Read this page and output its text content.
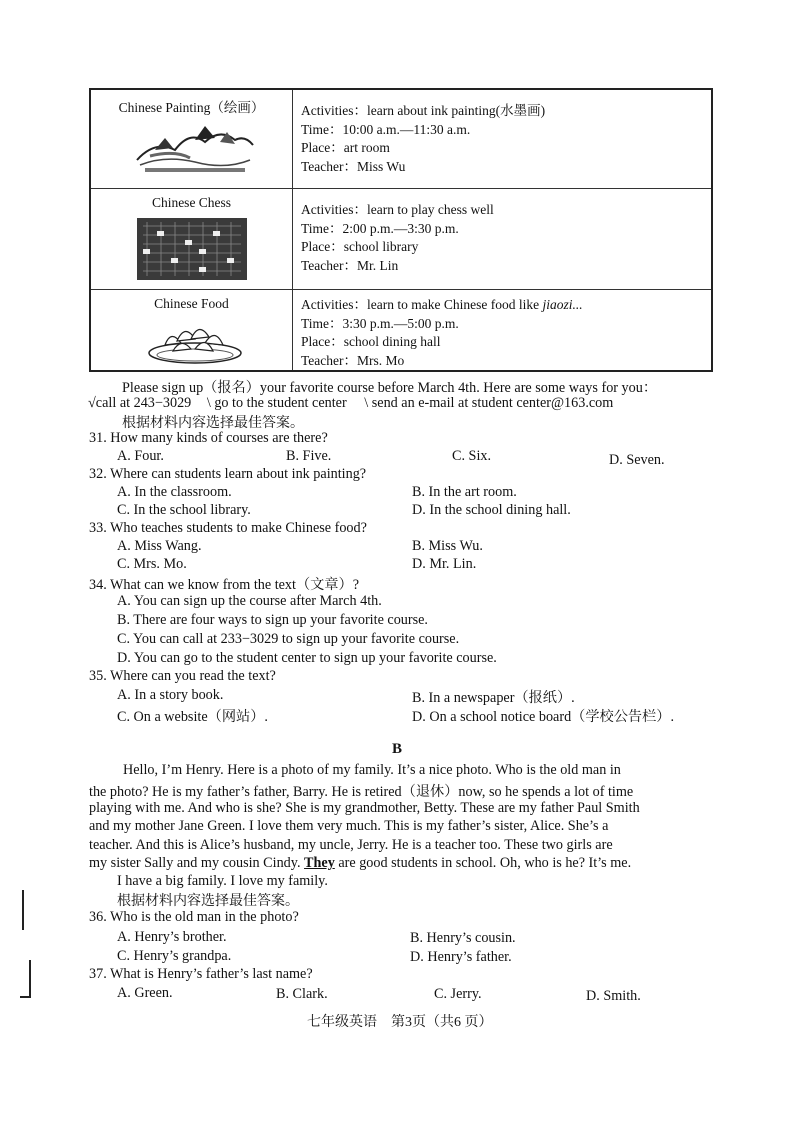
Chinese Painting（绘画）	Activities：learn about ink painting(水墨画)
Time：10:00 a.m.—11:30 a.m.
Place：art room
Teacher：Miss Wu
Chinese Chess	Activities：learn to play chess well
Time：2:00 p.m.—3:30 p.m.
Place：school library
Teacher：Mr. Lin
Chinese Food	Activities：learn to make Chinese food like jiaozi...
Time：3:30 p.m.—5:00 p.m.
Place：school dining hall
Teacher：Mrs. Mo
Please sign up（报名）your favorite course before March 4th. Here are some ways for you：
√call at 243−3029 \ go to the student center \ send an e-mail at student center@163.com
根据材料内容选择最佳答案。
31. How many kinds of courses are there?
A. Four.	B. Five.	C. Six.	D. Seven.
32. Where can students learn about ink painting?
A. In the classroom.	B. In the art room.
C. In the school library.	D. In the school dining hall.
33. Who teaches students to make Chinese food?
A. Miss Wang.	B. Miss Wu.
C. Mrs. Mo.	D. Mr. Lin.
34. What can we know from the text（文章）?
A. You can sign up the course after March 4th.
B. There are four ways to sign up your favorite course.
C. You can call at 233−3029 to sign up your favorite course.
D. You can go to the student center to sign up your favorite course.
35. Where can you read the text?
A. In a story book.	B. In a newspaper（报纸）.
C. On a website（网站）.	D. On a school notice board（学校公告栏）.
B
Hello, I’m Henry. Here is a photo of my family. It’s a nice photo. Who is the old man in
the photo? He is my father’s father, Barry. He is retired（退休）now, so he spends a lot of time
playing with me. And who is she? She is my grandmother, Betty. These are my father Paul Smith
and my mother Jane Green. I love them very much. This is my father’s sister, Alice. She’s a
teacher. And this is Alice’s husband, my uncle, Jerry. He is a teacher too. These two girls are
my sister Sally and my cousin Cindy. They are good students in school. Oh, who is he? It’s me.
I have a big family. I love my family.
根据材料内容选择最佳答案。
36. Who is the old man in the photo?
A. Henry’s brother.	B. Henry’s cousin.
C. Henry’s grandpa.	D. Henry’s father.
37. What is Henry’s father’s last name?
A. Green.	B. Clark.	C. Jerry.	D. Smith.
七年级英语　第3页（共6 页）
